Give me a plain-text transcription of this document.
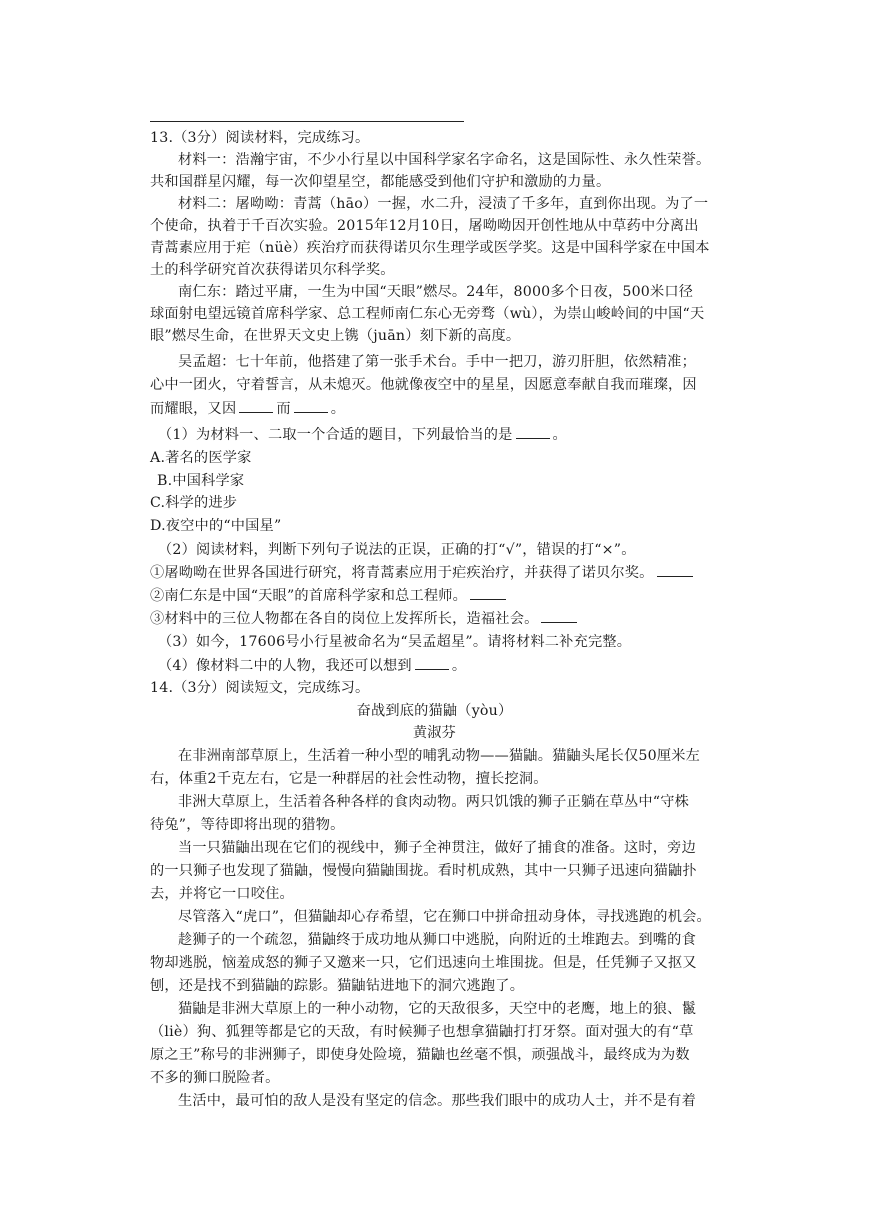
13.（3分）阅读材料，完成练习。
材料一：浩瀚宇宙，不少小行星以中国科学家名字命名，这是国际性、永久性荣誉。
共和国群星闪耀，每一次仰望星空，都能感受到他们守护和激励的力量。
材料二：屠呦呦：青蒿（hāo）一握，水二升，浸渍了千多年，直到你出现。为了一
个使命，执着于千百次实验。2015年12月10日，屠呦呦因开创性地从中草药中分离出
青蒿素应用于疟（nüè）疾治疗而获得诺贝尔生理学或医学奖。这是中国科学家在中国本
土的科学研究首次获得诺贝尔科学奖。
南仁东：踏过平庸，一生为中国“天眼”燃尽。24年，8000多个日夜，500米口径
球面射电望远镜首席科学家、总工程师南仁东心无旁骛（wù），为崇山峻岭间的中国“天
眼”燃尽生命，在世界天文史上镌（juān）刻下新的高度。
吴孟超：七十年前，他搭建了第一张手术台。手中一把刀，游刃肝胆，依然精准；
心中一团火，守着誓言，从未熄灭。他就像夜空中的星星，因愿意奉献自我而璀璨，因
而耀眼，又因	而	。
（1）为材料一、二取一个合适的题目，下列最恰当的是	。
A.著名的医学家
B.中国科学家
C.科学的进步
D.夜空中的“中国星”
（2）阅读材料，判断下列句子说法的正误，正确的打“√”，错误的打“×”。
①屠呦呦在世界各国进行研究，将青蒿素应用于疟疾治疗，并获得了诺贝尔奖。
②南仁东是中国“天眼”的首席科学家和总工程师。
③材料中的三位人物都在各自的岗位上发挥所长，造福社会。
（3）如今，17606号小行星被命名为“吴孟超星”。请将材料二补充完整。
（4）像材料二中的人物，我还可以想到	。
14.（3分）阅读短文，完成练习。
奋战到底的猫鼬（yòu）
黄淑芬
在非洲南部草原上，生活着一种小型的哺乳动物——猫鼬。猫鼬头尾长仅50厘米左
右，体重2千克左右，它是一种群居的社会性动物，擅长挖洞。
非洲大草原上，生活着各种各样的食肉动物。两只饥饿的狮子正躺在草丛中“守株
待兔”，等待即将出现的猎物。
当一只猫鼬出现在它们的视线中，狮子全神贯注，做好了捕食的准备。这时，旁边
的一只狮子也发现了猫鼬，慢慢向猫鼬围拢。看时机成熟，其中一只狮子迅速向猫鼬扑
去，并将它一口咬住。
尽管落入“虎口”，但猫鼬却心存希望，它在狮口中拼命扭动身体，寻找逃跑的机会。
趁狮子的一个疏忽，猫鼬终于成功地从狮口中逃脱，向附近的土堆跑去。到嘴的食
物却逃脱，恼羞成怒的狮子又邀来一只，它们迅速向土堆围拢。但是，任凭狮子又抠又
刨，还是找不到猫鼬的踪影。猫鼬钻进地下的洞穴逃跑了。
猫鼬是非洲大草原上的一种小动物，它的天敌很多，天空中的老鹰，地上的狼、鬣
（liè）狗、狐狸等都是它的天敌，有时候狮子也想拿猫鼬打打牙祭。面对强大的有“草
原之王”称号的非洲狮子，即使身处险境，猫鼬也丝毫不惧，顽强战斗，最终成为为数
不多的狮口脱险者。
生活中，最可怕的敌人是没有坚定的信念。那些我们眼中的成功人士，并不是有着
